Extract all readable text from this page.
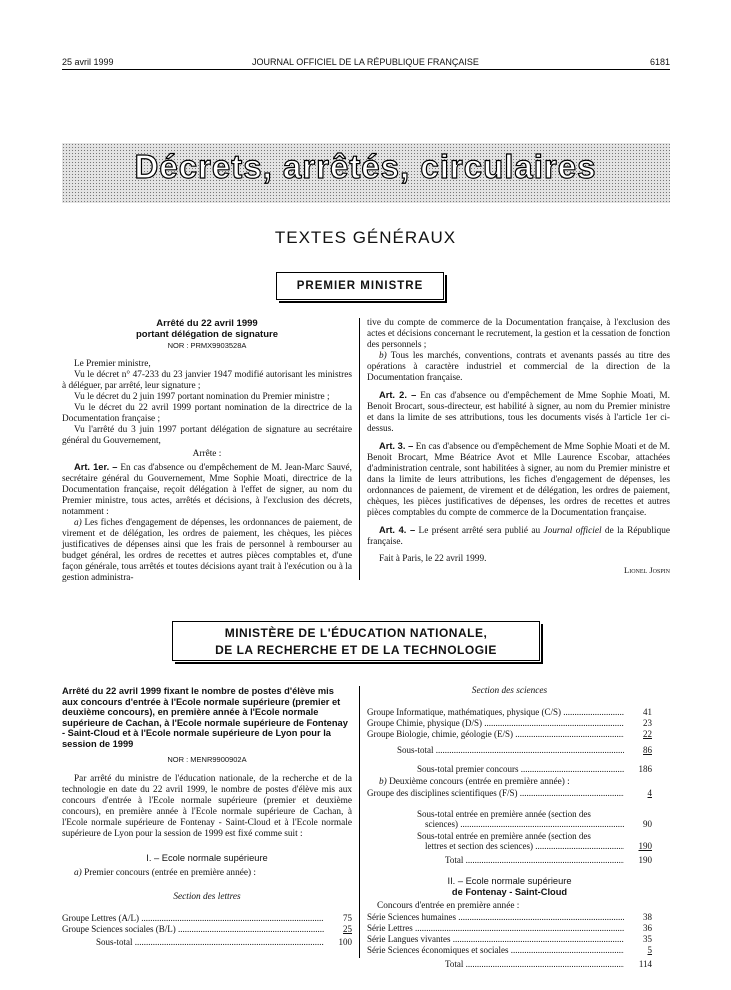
25 avril 1999	JOURNAL OFFICIEL DE LA RÉPUBLIQUE FRANÇAISE	6181
Décrets, arrêtés, circulaires
TEXTES GÉNÉRAUX
PREMIER MINISTRE
Arrêté du 22 avril 1999
portant délégation de signature
NOR : PRMX9903528A

Le Premier ministre,

Vu le décret n° 47-233 du 23 janvier 1947 modifié autorisant les ministres à déléguer, par arrêté, leur signature ;

Vu le décret du 2 juin 1997 portant nomination du Premier ministre ;

Vu le décret du 22 avril 1999 portant nomination de la directrice de la Documentation française ;

Vu l'arrêté du 3 juin 1997 portant délégation de signature au secrétaire général du Gouvernement,

Arrête :

Art. 1er. – En cas d'absence ou d'empêchement de M. Jean-Marc Sauvé, secrétaire général du Gouvernement, Mme Sophie Moati, directrice de la Documentation française, reçoit délégation à l'effet de signer, au nom du Premier ministre, tous actes, arrêtés et décisions, à l'exclusion des décrets, notamment :

a) Les fiches d'engagement de dépenses, les ordonnances de paiement, de virement et de délégation, les ordres de paiement, les chèques, les pièces justificatives de dépenses ainsi que les frais de personnel à rembourser au budget général, les ordres de recettes et autres pièces comptables et, d'une façon générale, tous arrêtés et toutes décisions ayant trait à l'exécution ou à la gestion administra-

tive du compte de commerce de la Documentation française, à l'exclusion des actes et décisions concernant le recrutement, la gestion et la cessation de fonction des personnels ;

b) Tous les marchés, conventions, contrats et avenants passés au titre des opérations à caractère industriel et commercial de la direction de la Documentation française.

Art. 2. – En cas d'absence ou d'empêchement de Mme Sophie Moati, M. Benoit Brocart, sous-directeur, est habilité à signer, au nom du Premier ministre et dans la limite de ses attributions, tous les documents visés à l'article 1er ci-dessus.

Art. 3. – En cas d'absence ou d'empêchement de Mme Sophie Moati et de M. Benoit Brocart, Mme Béatrice Avot et Mlle Laurence Escobar, attachées d'administration centrale, sont habilitées à signer, au nom du Premier ministre et dans la limite de leurs attributions, les fiches d'engagement de dépenses, les ordonnances de paiement, de virement et de délégation, les ordres de paiement, chèques, les pièces justificatives de dépenses, les ordres de recettes et autres pièces comptables du compte de commerce de la Documentation française.

Art. 4. – Le présent arrêté sera publié au Journal officiel de la République française.

Fait à Paris, le 22 avril 1999.

Lionel Jospin
MINISTÈRE DE L'ÉDUCATION NATIONALE,
DE LA RECHERCHE ET DE LA TECHNOLOGIE
Arrêté du 22 avril 1999 fixant le nombre de postes d'élève mis aux concours d'entrée à l'Ecole normale supérieure (premier et deuxième concours), en première année à l'Ecole normale supérieure de Cachan, à l'Ecole normale supérieure de Fontenay - Saint-Cloud et à l'Ecole normale supérieure de Lyon pour la session de 1999
NOR : MENR9900902A

Par arrêté du ministre de l'éducation nationale, de la recherche et de la technologie en date du 22 avril 1999, le nombre de postes d'élève mis aux concours d'entrée à l'Ecole normale supérieure (premier et deuxième concours), en première année à l'Ecole normale supérieure de Cachan, à l'Ecole normale supérieure de Fontenay - Saint-Cloud et à l'Ecole normale supérieure de Lyon pour la session de 1999 est fixé comme suit :

I. – Ecole normale supérieure

a) Premier concours (entrée en première année) :

Section des lettres
Groupe Lettres (A/L) .....	75
Groupe Sciences sociales (B/L) .....	25
Sous-total .....	100
Section des sciences
Groupe Informatique, mathématiques, physique (C/S) .....	41
Groupe Chimie, physique (D/S) .....	23
Groupe Biologie, chimie, géologie (E/S) .....	22
Sous-total .....	86
Sous-total premier concours .....	186

b) Deuxième concours (entrée en première année) :

Groupe des disciplines scientifiques (F/S) .....	4
Sous-total entrée en première année (section des
sciences) .....	90
Sous-total entrée en première année (section des
lettres et section des sciences) .....	190
Total .....	190
II. – Ecole normale supérieure
de Fontenay - Saint-Cloud
Concours d'entrée en première année :
Série Sciences humaines .....	38
Série Lettres .....	36
Série Langues vivantes .....	35
Série Sciences économiques et sociales .....	5
Total .....	114
